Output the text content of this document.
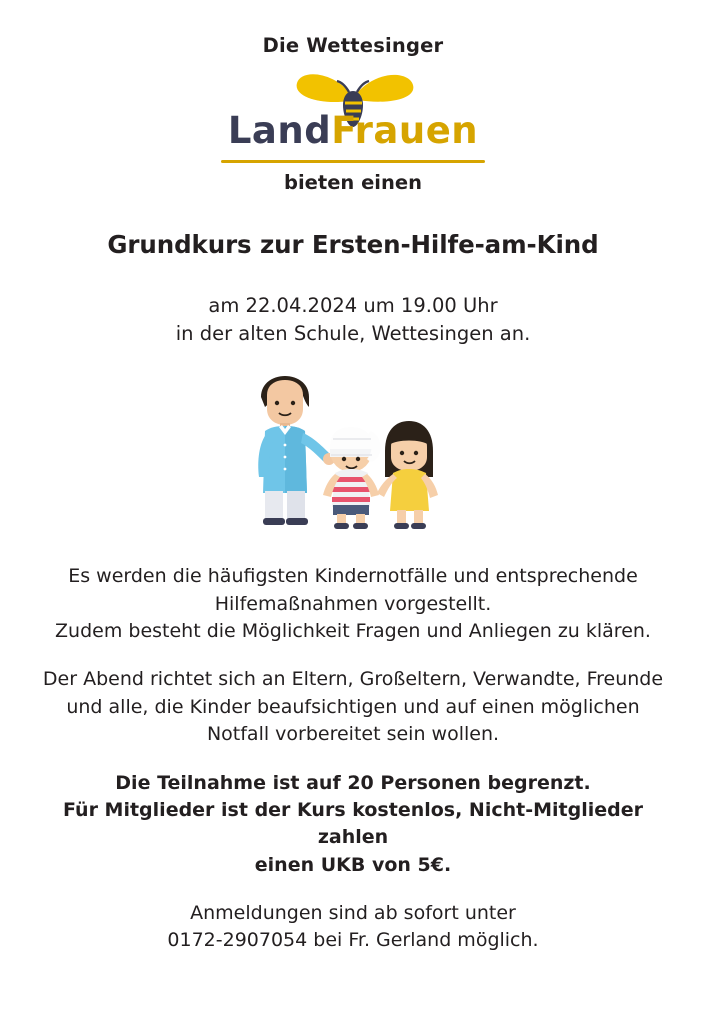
Die Wettesinger
LandFrauen
bieten einen
Grundkurs zur Ersten-Hilfe-am-Kind
am 22.04.2024 um 19.00 Uhr
in der alten Schule, Wettesingen an.

Es werden die häufigsten Kindernotfälle und entsprechende
Hilfemaßnahmen vorgestellt.
Zudem besteht die Möglichkeit Fragen und Anliegen zu klären.

Der Abend richtet sich an Eltern, Großeltern, Verwandte, Freunde
und alle, die Kinder beaufsichtigen und auf einen möglichen
Notfall vorbereitet sein wollen.

Die Teilnahme ist auf 20 Personen begrenzt.
Für Mitglieder ist der Kurs kostenlos, Nicht-Mitglieder zahlen
einen UKB von 5€.

Anmeldungen sind ab sofort unter
0172-2907054 bei Fr. Gerland möglich.
